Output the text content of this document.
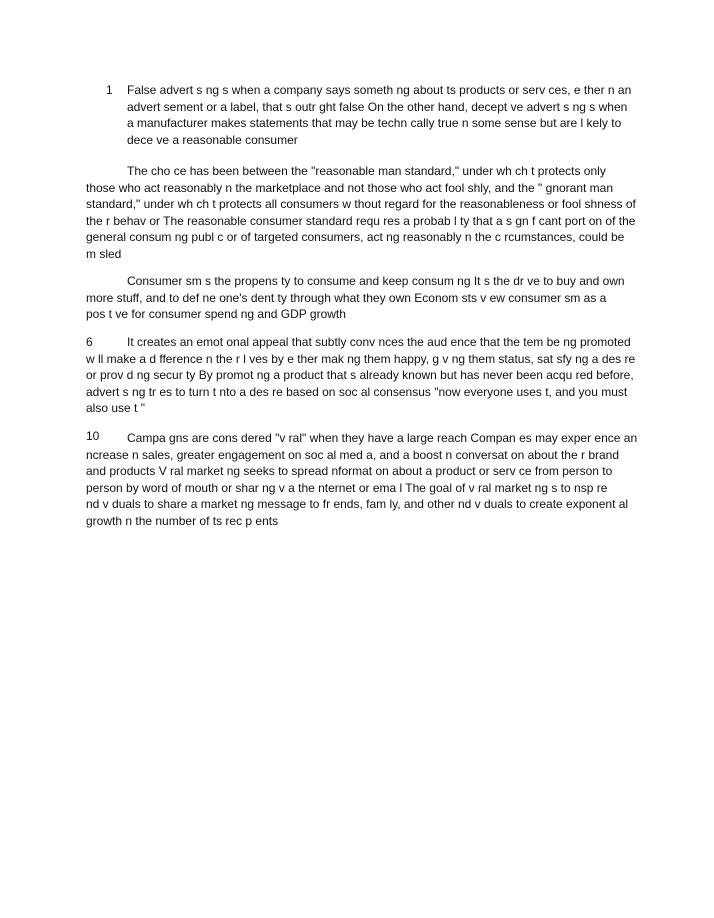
1 False advert s ng s when a company says someth ng about ts products or serv ces, e ther n an
advert sement or a label, that s outr ght false On the other hand, decept ve advert s ng s when
a manufacturer makes statements that may be techn cally true n some sense but are l kely to
dece ve a reasonable consumer
The cho ce has been between the "reasonable man standard," under wh ch t protects only
those who act reasonably n the marketplace and not those who act fool shly, and the " gnorant man
standard," under wh ch t protects all consumers w thout regard for the reasonableness or fool shness of
the r behav or The reasonable consumer standard requ res a probab l ty that a s gn f cant port on of the
general consum ng publ c or of targeted consumers, act ng reasonably n the c rcumstances, could be
m sled
Consumer sm s the propens ty to consume and keep consum ng It s the dr ve to buy and own
more stuff, and to def ne one's dent ty through what they own Econom sts v ew consumer sm as a
pos t ve for consumer spend ng and GDP growth
6	It creates an emot onal appeal that subtly conv nces the aud ence that the tem be ng promoted
w ll make a d fference n the r l ves by e ther mak ng them happy, g v ng them status, sat sfy ng a des re
or prov d ng secur ty By promot ng a product that s already known but has never been acqu red before,
advert s ng tr es to turn t nto a des re based on soc al consensus "now everyone uses t, and you must
also use t "
10	Campa gns are cons dered "v ral" when they have a large reach Compan es may exper ence an
ncrease n sales, greater engagement on soc al med a, and a boost n conversat on about the r brand
and products V ral market ng seeks to spread nformat on about a product or serv ce from person to
person by word of mouth or shar ng v a the nternet or ema l The goal of v ral market ng s to nsp re
nd v duals to share a market ng message to fr ends, fam ly, and other nd v duals to create exponent al
growth n the number of ts rec p ents
